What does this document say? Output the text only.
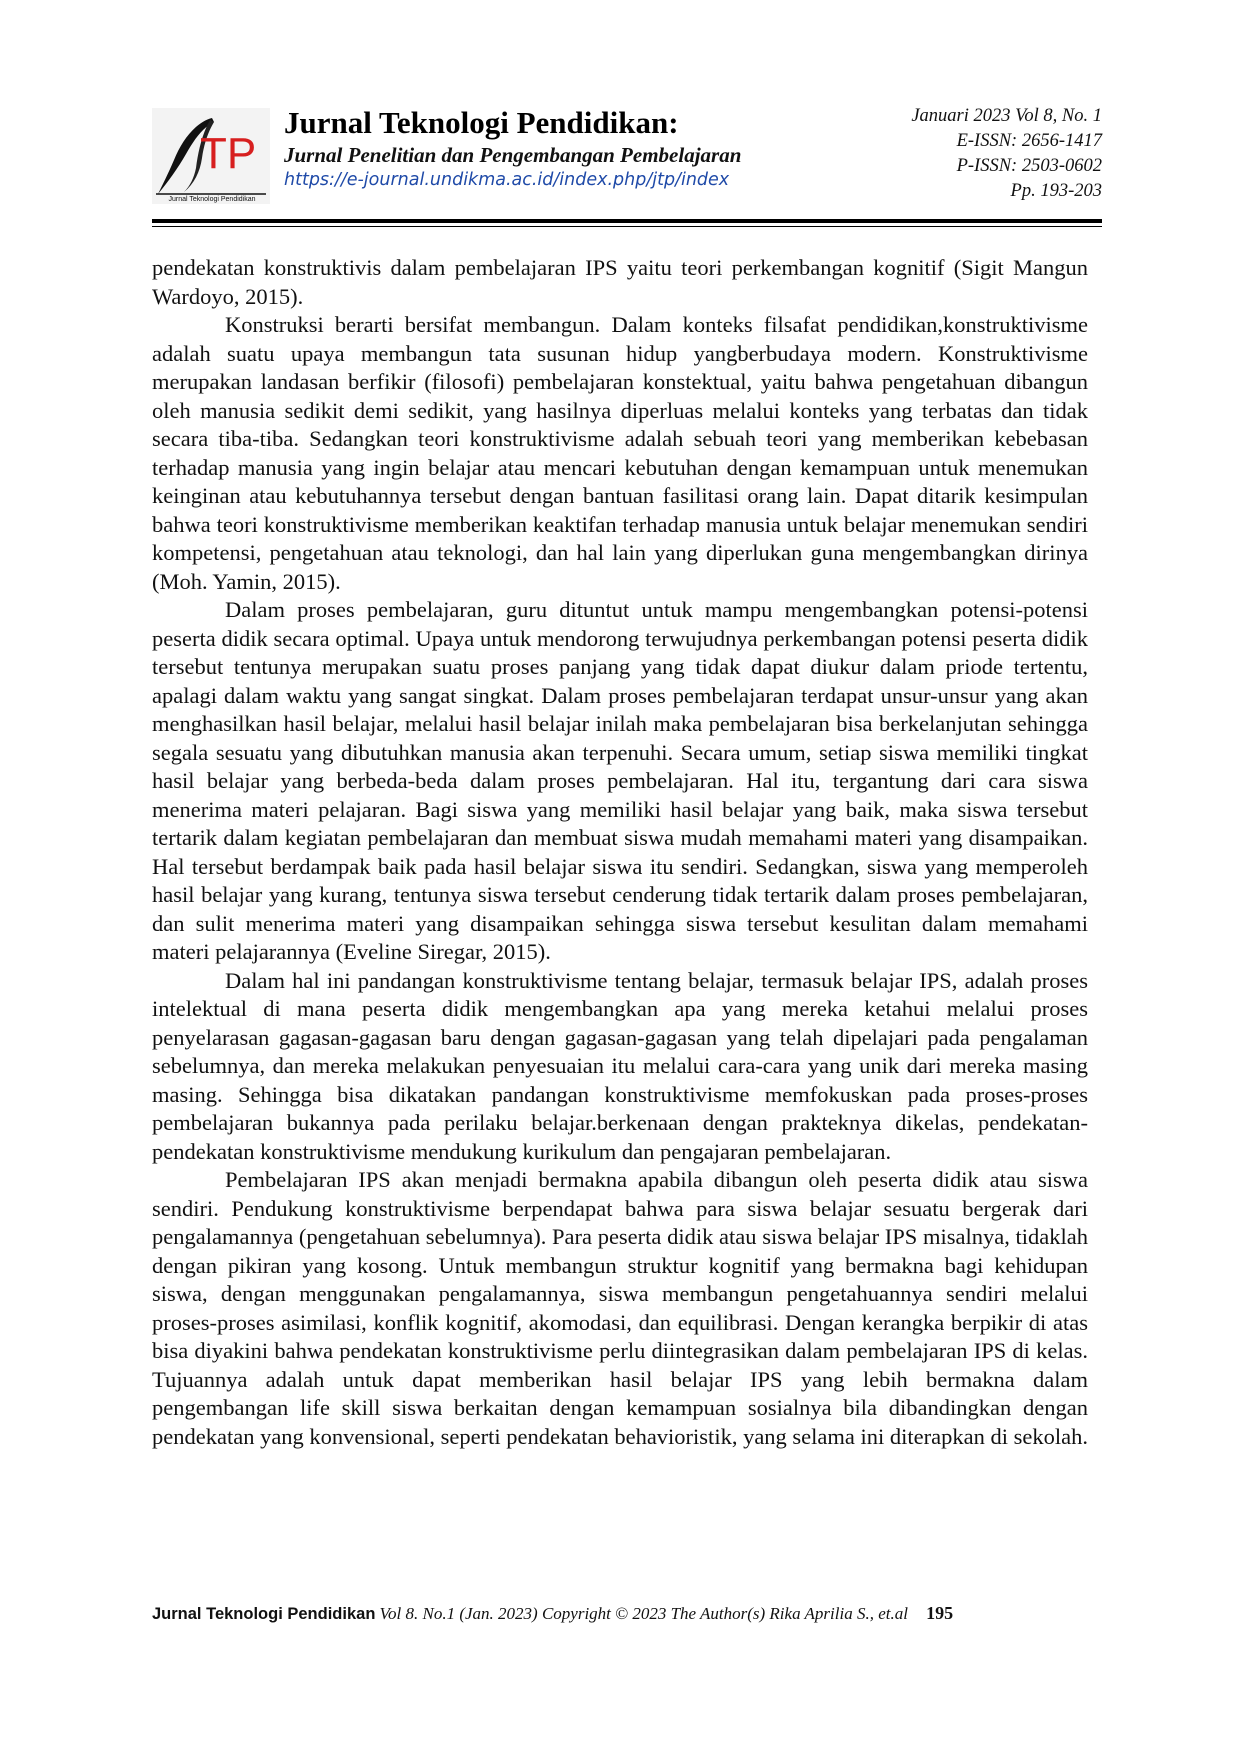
TP
Jurnal Teknologi Pendidikan
Jurnal Teknologi Pendidikan:
Jurnal Penelitian dan Pengembangan Pembelajaran
https://e-journal.undikma.ac.id/index.php/jtp/index
Januari 2023 Vol 8, No. 1
E-ISSN: 2656-1417
P-ISSN: 2503-0602
Pp. 193-203

pendekatan konstruktivis dalam pembelajaran IPS yaitu teori perkembangan kognitif (Sigit Mangun Wardoyo, 2015).

Konstruksi berarti bersifat membangun. Dalam konteks filsafat pendidikan,konstruktivisme adalah suatu upaya membangun tata susunan hidup yangberbudaya modern. Konstruktivisme merupakan landasan berfikir (filosofi) pembelajaran konstektual, yaitu bahwa pengetahuan dibangun oleh manusia sedikit demi sedikit, yang hasilnya diperluas melalui konteks yang terbatas dan tidak secara tiba-tiba. Sedangkan teori konstruktivisme adalah sebuah teori yang memberikan kebebasan terhadap manusia yang ingin belajar atau mencari kebutuhan dengan kemampuan untuk menemukan keinginan atau kebutuhannya tersebut dengan bantuan fasilitasi orang lain. Dapat ditarik kesimpulan bahwa teori konstruktivisme memberikan keaktifan terhadap manusia untuk belajar menemukan sendiri kompetensi, pengetahuan atau teknologi, dan hal lain yang diperlukan guna mengembangkan dirinya (Moh. Yamin, 2015).

Dalam proses pembelajaran, guru dituntut untuk mampu mengembangkan potensi-potensi peserta didik secara optimal. Upaya untuk mendorong terwujudnya perkembangan potensi peserta didik tersebut tentunya merupakan suatu proses panjang yang tidak dapat diukur dalam priode tertentu, apalagi dalam waktu yang sangat singkat. Dalam proses pembelajaran terdapat unsur-unsur yang akan menghasilkan hasil belajar, melalui hasil belajar inilah maka pembelajaran bisa berkelanjutan sehingga segala sesuatu yang dibutuhkan manusia akan terpenuhi. Secara umum, setiap siswa memiliki tingkat hasil belajar yang berbeda-beda dalam proses pembelajaran. Hal itu, tergantung dari cara siswa menerima materi pelajaran. Bagi siswa yang memiliki hasil belajar yang baik, maka siswa tersebut tertarik dalam kegiatan pembelajaran dan membuat siswa mudah memahami materi yang disampaikan. Hal tersebut berdampak baik pada hasil belajar siswa itu sendiri. Sedangkan, siswa yang memperoleh hasil belajar yang kurang, tentunya siswa tersebut cenderung tidak tertarik dalam proses pembelajaran, dan sulit menerima materi yang disampaikan sehingga siswa tersebut kesulitan dalam memahami materi pelajarannya (Eveline Siregar, 2015).

Dalam hal ini pandangan konstruktivisme tentang belajar, termasuk belajar IPS, adalah proses intelektual di mana peserta didik mengembangkan apa yang mereka ketahui melalui proses penyelarasan gagasan-gagasan baru dengan gagasan-gagasan yang telah dipelajari pada pengalaman sebelumnya, dan mereka melakukan penyesuaian itu melalui cara-cara yang unik dari mereka masing masing. Sehingga bisa dikatakan pandangan konstruktivisme memfokuskan pada proses-proses pembelajaran bukannya pada perilaku belajar.berkenaan dengan prakteknya dikelas, pendekatan-pendekatan konstruktivisme mendukung kurikulum dan pengajaran pembelajaran.

Pembelajaran IPS akan menjadi bermakna apabila dibangun oleh peserta didik atau siswa sendiri. Pendukung konstruktivisme berpendapat bahwa para siswa belajar sesuatu bergerak dari pengalamannya (pengetahuan sebelumnya). Para peserta didik atau siswa belajar IPS misalnya, tidaklah dengan pikiran yang kosong. Untuk membangun struktur kognitif yang bermakna bagi kehidupan siswa, dengan menggunakan pengalamannya, siswa membangun pengetahuannya sendiri melalui proses-proses asimilasi, konflik kognitif, akomodasi, dan equilibrasi. Dengan kerangka berpikir di atas bisa diyakini bahwa pendekatan konstruktivisme perlu diintegrasikan dalam pembelajaran IPS di kelas. Tujuannya adalah untuk dapat memberikan hasil belajar IPS yang lebih bermakna dalam pengembangan life skill siswa berkaitan dengan kemampuan sosialnya bila dibandingkan dengan pendekatan yang konvensional, seperti pendekatan behavioristik, yang selama ini diterapkan di sekolah.

Jurnal Teknologi Pendidikan Vol 8. No.1 (Jan. 2023) Copyright © 2023 The Author(s) Rika Aprilia S., et.al 195
